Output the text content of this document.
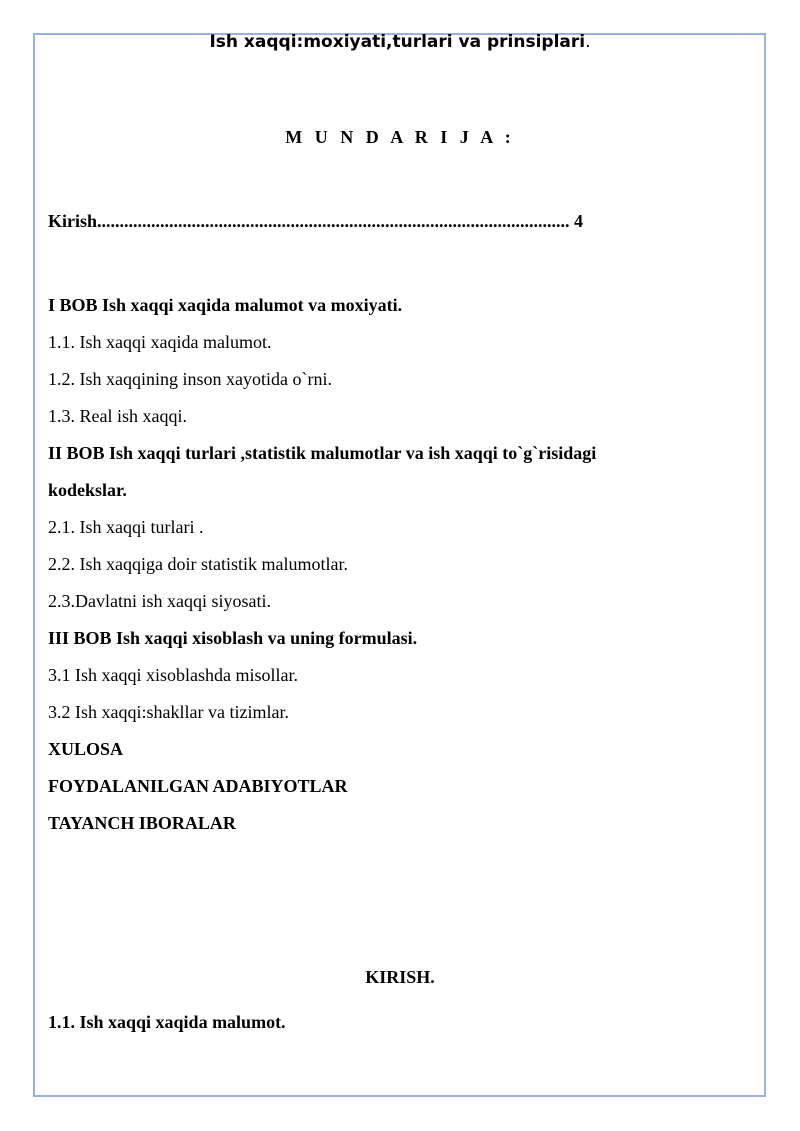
Ish xaqqi:moxiyati,turlari va prinsiplari.
M U N D A R I J A :
Kirish......................................................................................................... 4
I BOB Ish xaqqi xaqida malumot va moxiyati.
1.1. Ish xaqqi xaqida malumot.
1.2. Ish xaqqining inson xayotida o`rni.
1.3. Real ish xaqqi.
II BOB Ish xaqqi turlari ,statistik malumotlar va ish xaqqi to`g`risidagi
kodekslar.
2.1. Ish xaqqi turlari .
2.2. Ish xaqqiga doir statistik malumotlar.
2.3.Davlatni ish xaqqi siyosati.
III BOB Ish xaqqi xisoblash va uning formulasi.
3.1 Ish xaqqi xisoblashda misollar.
3.2 Ish xaqqi:shakllar va tizimlar.
XULOSA
FOYDALANILGAN ADABIYOTLAR
TAYANCH IBORALAR
KIRISH.
1.1. Ish xaqqi xaqida malumot.
